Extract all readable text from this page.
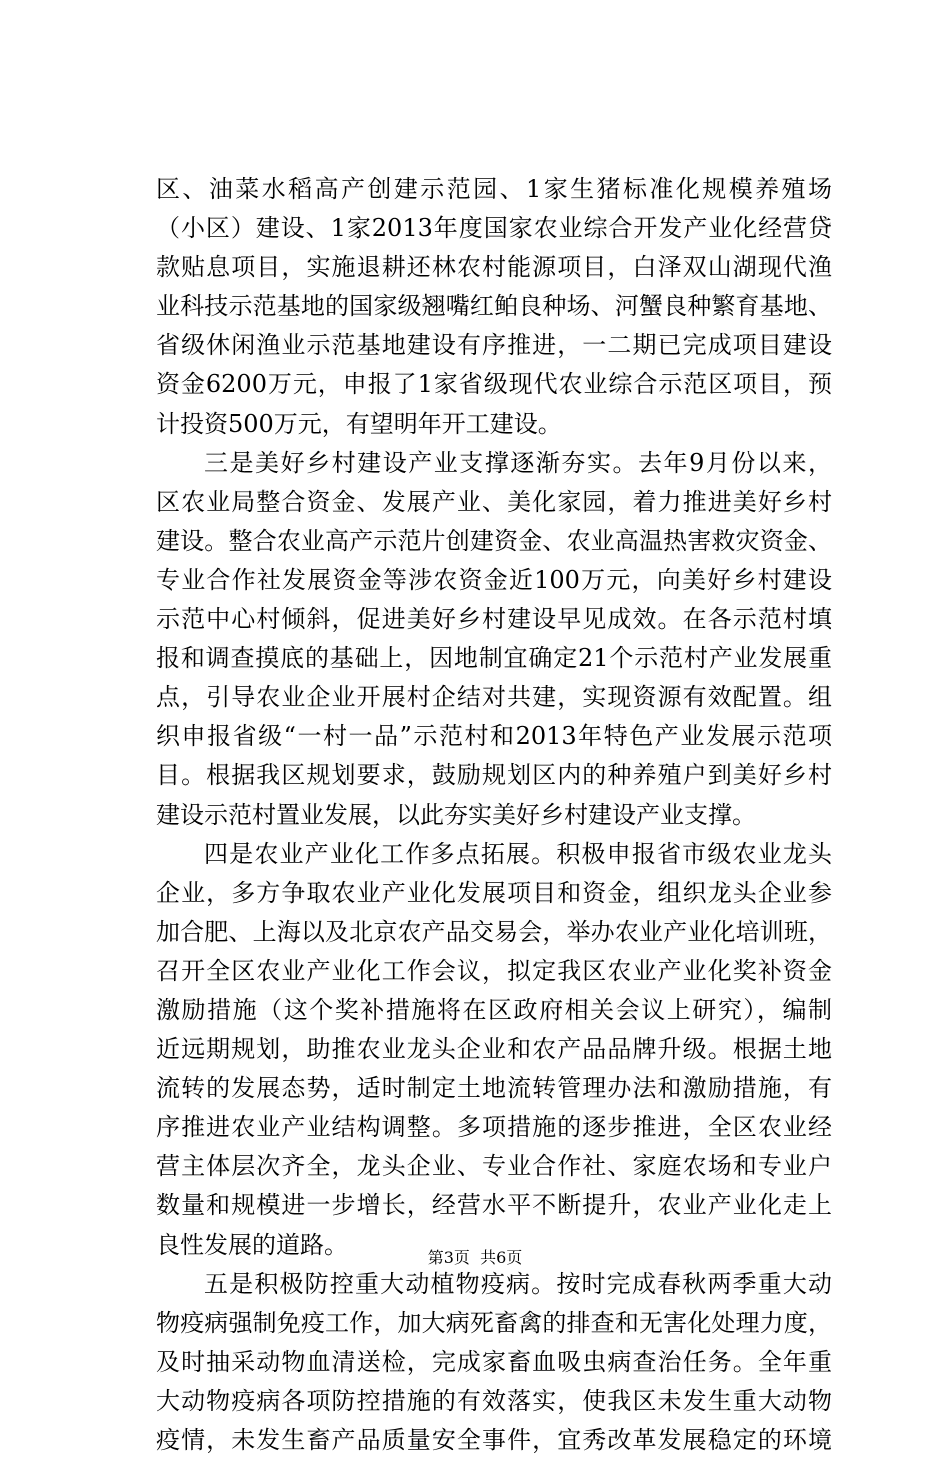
区、油菜水稻高产创建示范园、1家生猪标准化规模养殖场
（小区）建设、1家2013年度国家农业综合开发产业化经营贷
款贴息项目，实施退耕还林农村能源项目，白泽双山湖现代渔
业科技示范基地的国家级翘嘴红鲌良种场、河蟹良种繁育基地、
省级休闲渔业示范基地建设有序推进，一二期已完成项目建设
资金6200万元，申报了1家省级现代农业综合示范区项目，预
计投资500万元，有望明年开工建设。
三是美好乡村建设产业支撑逐渐夯实。去年9月份以来，
区农业局整合资金、发展产业、美化家园，着力推进美好乡村
建设。整合农业高产示范片创建资金、农业高温热害救灾资金、
专业合作社发展资金等涉农资金近100万元，向美好乡村建设
示范中心村倾斜，促进美好乡村建设早见成效。在各示范村填
报和调查摸底的基础上，因地制宜确定21个示范村产业发展重
点，引导农业企业开展村企结对共建，实现资源有效配置。组
织申报省级“一村一品”示范村和2013年特色产业发展示范项
目。根据我区规划要求，鼓励规划区内的种养殖户到美好乡村
建设示范村置业发展，以此夯实美好乡村建设产业支撑。
四是农业产业化工作多点拓展。积极申报省市级农业龙头
企业，多方争取农业产业化发展项目和资金，组织龙头企业参
加合肥、上海以及北京农产品交易会，举办农业产业化培训班，
召开全区农业产业化工作会议，拟定我区农业产业化奖补资金
激励措施（这个奖补措施将在区政府相关会议上研究），编制
近远期规划，助推农业龙头企业和农产品品牌升级。根据土地
流转的发展态势，适时制定土地流转管理办法和激励措施，有
序推进农业产业结构调整。多项措施的逐步推进，全区农业经
营主体层次齐全，龙头企业、专业合作社、家庭农场和专业户
数量和规模进一步增长，经营水平不断提升，农业产业化走上
良性发展的道路。
五是积极防控重大动植物疫病。按时完成春秋两季重大动
物疫病强制免疫工作，加大病死畜禽的排查和无害化处理力度，
及时抽采动物血清送检，完成家畜血吸虫病查治任务。全年重
大动物疫病各项防控措施的有效落实，使我区未发生重大动物
疫情，未发生畜产品质量安全事件，宜秀改革发展稳定的环境
第3页  共6页
